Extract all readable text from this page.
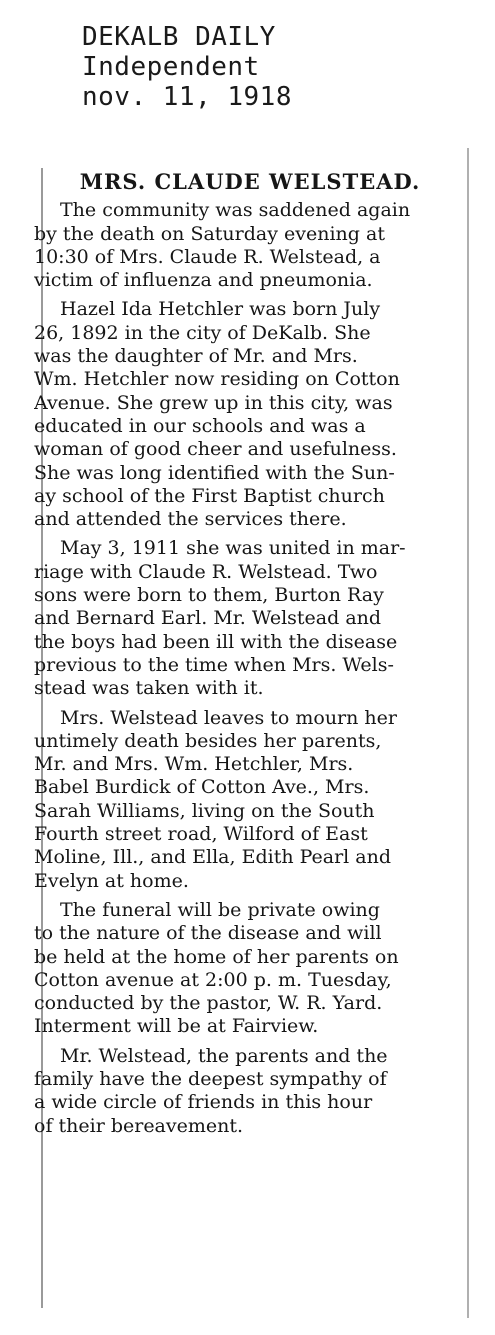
DEKALB DAILY
Independent
nov. 11, 1918
MRS. CLAUDE WELSTEAD.
The community was saddened again
by the death on Saturday evening at
10:30 of Mrs. Claude R. Welstead, a
victim of influenza and pneumonia.
Hazel Ida Hetchler was born July
26, 1892 in the city of DeKalb. She
was the daughter of Mr. and Mrs.
Wm. Hetchler now residing on Cotton
Avenue. She grew up in this city, was
educated in our schools and was a
woman of good cheer and usefulness.
She was long identified with the Sun-
ay school of the First Baptist church
and attended the services there.
May 3, 1911 she was united in mar-
riage with Claude R. Welstead. Two
sons were born to them, Burton Ray
and Bernard Earl. Mr. Welstead and
the boys had been ill with the disease
previous to the time when Mrs. Wels-
stead was taken with it.
Mrs. Welstead leaves to mourn her
untimely death besides her parents,
Mr. and Mrs. Wm. Hetchler, Mrs.
Babel Burdick of Cotton Ave., Mrs.
Sarah Williams, living on the South
Fourth street road, Wilford of East
Moline, Ill., and Ella, Edith Pearl and
Evelyn at home.
The funeral will be private owing
to the nature of the disease and will
be held at the home of her parents on
Cotton avenue at 2:00 p. m. Tuesday,
conducted by the pastor, W. R. Yard.
Interment will be at Fairview.
Mr. Welstead, the parents and the
family have the deepest sympathy of
a wide circle of friends in this hour
of their bereavement.
